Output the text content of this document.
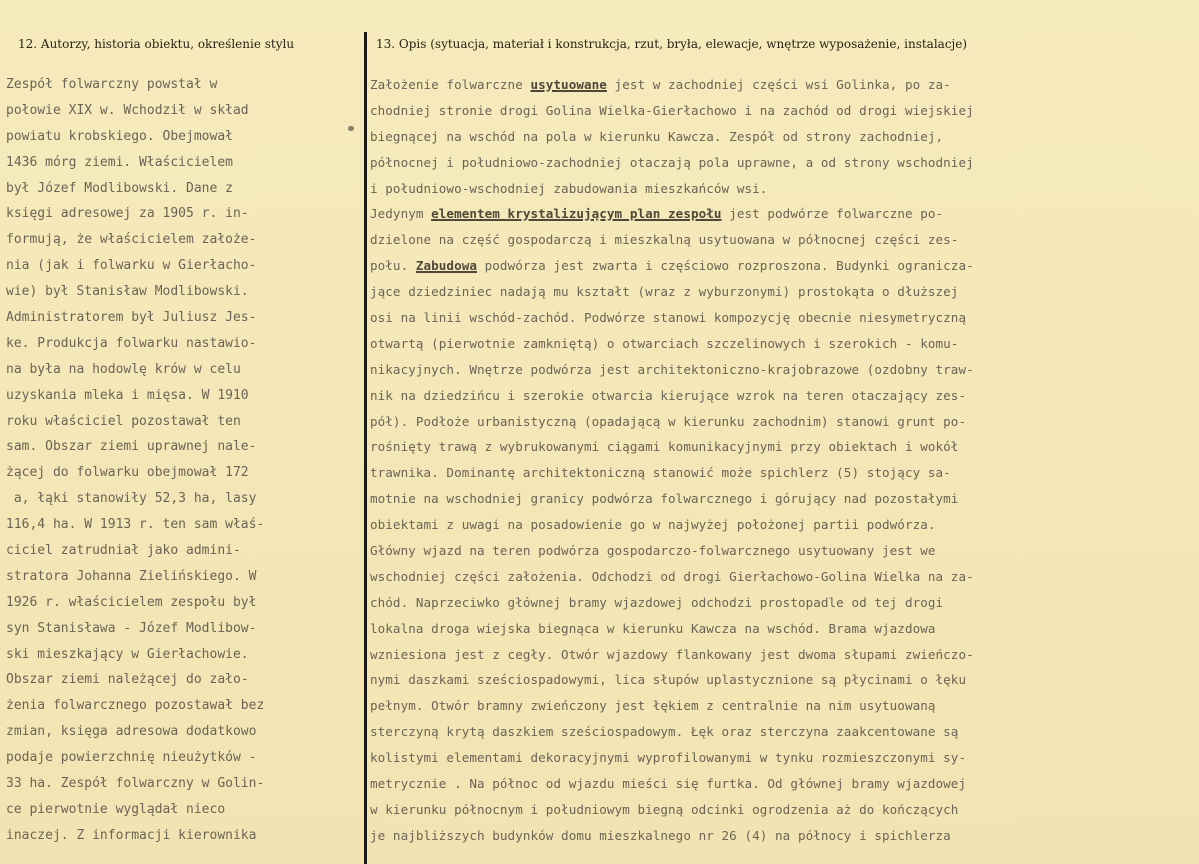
12. Autorzy, historia obiektu, określenie stylu	13. Opis (sytuacja, materiał i konstrukcja, rzut, bryła, elewacje, wnętrze wyposażenie, instalacje)
Zespół folwarczny powstał w
połowie XIX w. Wchodził w skład
powiatu krobskiego. Obejmował
1436 mórg ziemi. Właścicielem
był Józef Modlibowski. Dane z
księgi adresowej za 1905 r. in-
formują, że właścicielem założe-
nia (jak i folwarku w Gierłacho-
wie) był Stanisław Modlibowski.
Administratorem był Juliusz Jes-
ke. Produkcja folwarku nastawio-
na była na hodowlę krów w celu
uzyskania mleka i mięsa. W 1910
roku właściciel pozostawał ten
sam. Obszar ziemi uprawnej nale-
żącej do folwarku obejmował 172
a, łąki stanowiły 52,3 ha, lasy
116,4 ha. W 1913 r. ten sam właś-
ciciel zatrudniał jako admini-
stratora Johanna Zielińskiego. W
1926 r. właścicielem zespołu był
syn Stanisława - Józef Modlibow-
ski mieszkający w Gierłachowie.
Obszar ziemi należącej do zało-
żenia folwarcznego pozostawał bez
zmian, księga adresowa dodatkowo
podaje powierzchnię nieużytków -
33 ha. Zespół folwarczny w Golin-
ce pierwotnie wyglądał nieco
inaczej. Z informacji kierownika
Założenie folwarczne usytuowane jest w zachodniej części wsi Golinka, po za-
chodniej stronie drogi Golina Wielka-Gierłachowo i na zachód od drogi wiejskiej
biegnącej na wschód na pola w kierunku Kawcza. Zespół od strony zachodniej,
północnej i południowo-zachodniej otaczają pola uprawne, a od strony wschodniej
i południowo-wschodniej zabudowania mieszkańców wsi.
Jedynym elementem krystalizującym plan zespołu jest podwórze folwarczne po-
dzielone na część gospodarczą i mieszkalną usytuowana w północnej części zes-
połu. Zabudowa podwórza jest zwarta i częściowo rozproszona. Budynki ogranicza-
jące dziedziniec nadają mu kształt (wraz z wyburzonymi) prostokąta o dłuższej
osi na linii wschód-zachód. Podwórze stanowi kompozycję obecnie niesymetryczną
otwartą (pierwotnie zamkniętą) o otwarciach szczelinowych i szerokich - komu-
nikacyjnych. Wnętrze podwórza jest architektoniczno-krajobrazowe (ozdobny traw-
nik na dziedzińcu i szerokie otwarcia kierujące wzrok na teren otaczający zes-
pół). Podłoże urbanistyczną (opadającą w kierunku zachodnim) stanowi grunt po-
rośnięty trawą z wybrukowanymi ciągami komunikacyjnymi przy obiektach i wokół
trawnika. Dominantę architektoniczną stanowić może spichlerz (5) stojący sa-
motnie na wschodniej granicy podwórza folwarcznego i górujący nad pozostałymi
obiektami z uwagi na posadowienie go w najwyżej położonej partii podwórza.
Główny wjazd na teren podwórza gospodarczo-folwarcznego usytuowany jest we
wschodniej części założenia. Odchodzi od drogi Gierłachowo-Golina Wielka na za-
chód. Naprzeciwko głównej bramy wjazdowej odchodzi prostopadle od tej drogi
lokalna droga wiejska biegnąca w kierunku Kawcza na wschód. Brama wjazdowa
wzniesiona jest z cegły. Otwór wjazdowy flankowany jest dwoma słupami zwieńczo-
nymi daszkami sześciospadowymi, lica słupów uplastycznione są płycinami o łęku
pełnym. Otwór bramny zwieńczony jest łękiem z centralnie na nim usytuowaną
sterczyną krytą daszkiem sześciospadowym. Łęk oraz sterczyna zaakcentowane są
kolistymi elementami dekoracyjnymi wyprofilowanymi w tynku rozmieszczonymi sy-
metrycznie . Na północ od wjazdu mieści się furtka. Od głównej bramy wjazdowej
w kierunku północnym i południowym biegną odcinki ogrodzenia aż do kończących
je najbliższych budynków domu mieszkalnego nr 26 (4) na północy i spichlerza
